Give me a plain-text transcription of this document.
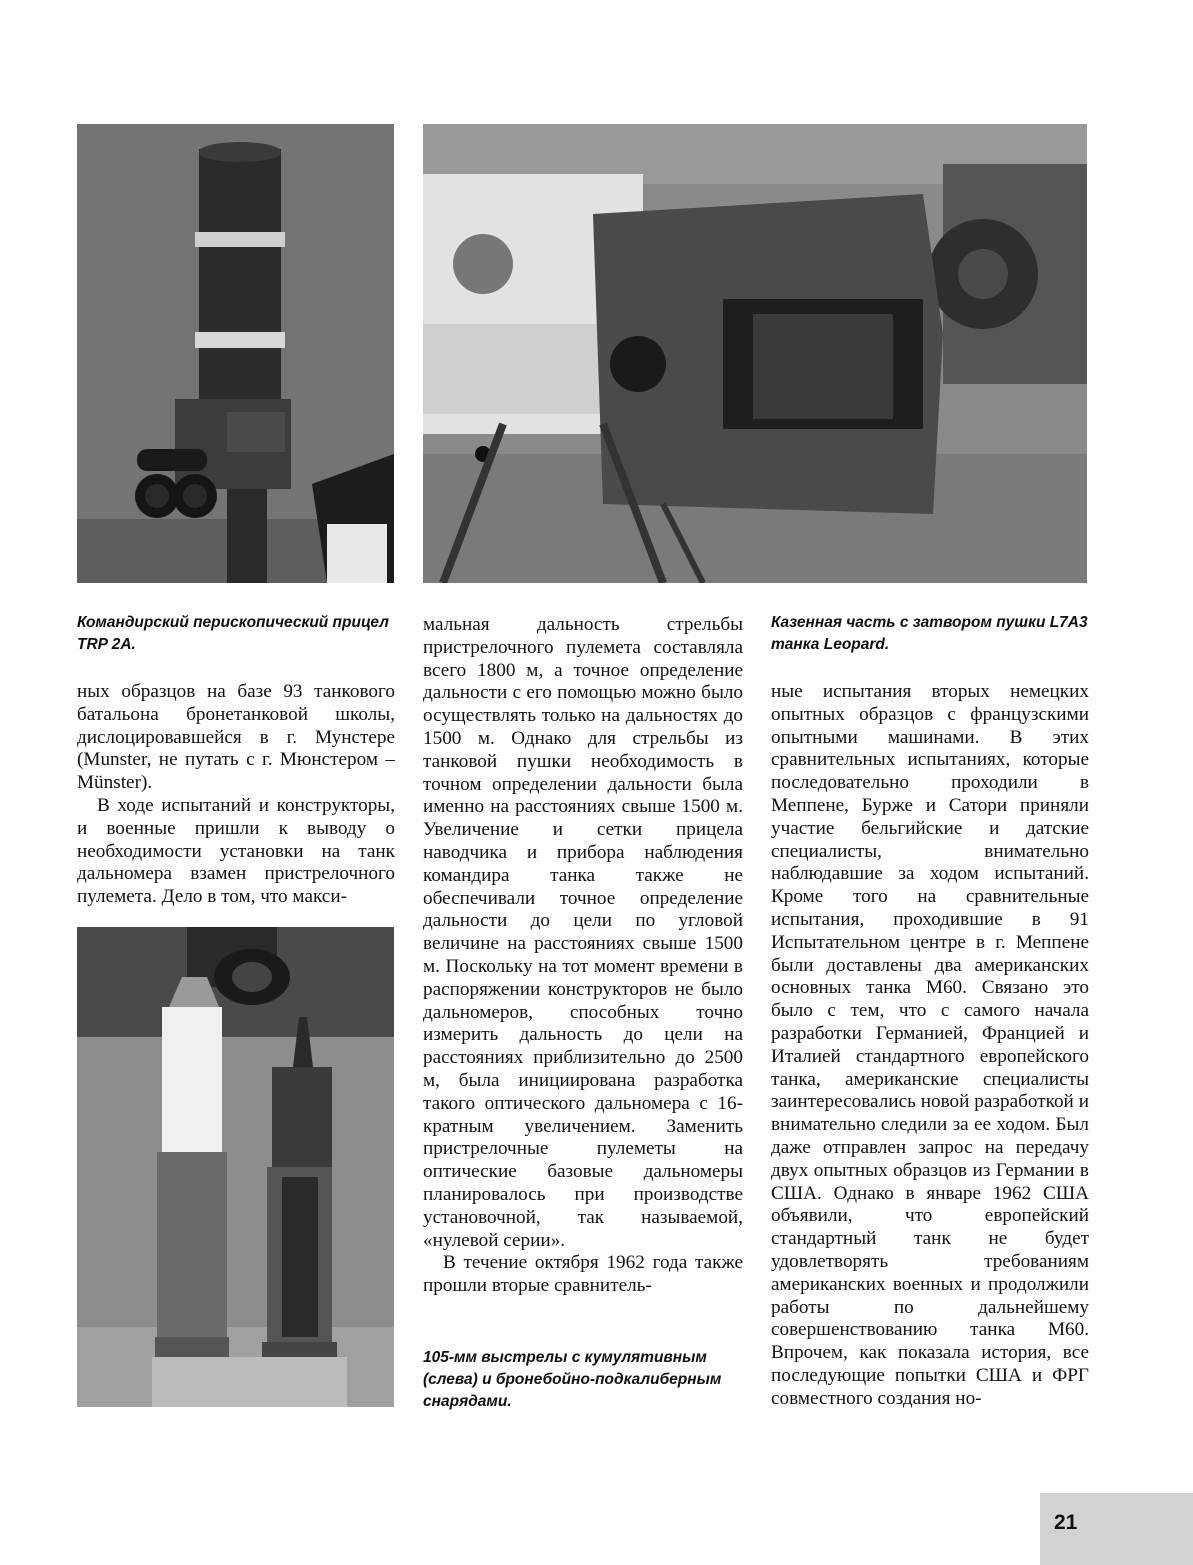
Командирский перископический прицел TRP 2A.
Казенная часть с затвором пушки L7A3 танка Leopard.
105-мм выстрелы с кумулятивным (слева) и бронебойно-подкалиберным снарядами.

ных образцов на базе 93 танкового батальона бронетанковой школы, дислоцировавшейся в г. Мунстере (Munster, не путать с г. Мюнстером – Münster).

В ходе испытаний и конструкторы, и военные пришли к выводу о необходимости установки на танк дальномера взамен пристрелочного пулемета. Дело в том, что макси-

мальная дальность стрельбы пристрелочного пулемета составляла всего 1800 м, а точное определение дальности с его помощью можно было осуществлять только на дальностях до 1500 м. Однако для стрельбы из танковой пушки необходимость в точном определении дальности была именно на расстояниях свыше 1500 м. Увеличение и сетки прицела наводчика и прибора наблюдения командира танка также не обеспечивали точное определение дальности до цели по угловой величине на расстояниях свыше 1500 м. Поскольку на тот момент времени в распоряжении конструкторов не было дальномеров, способных точно измерить дальность до цели на расстояниях приблизительно до 2500 м, была инициирована разработка такого оптического дальномера с 16-кратным увеличением. Заменить пристрелочные пулеметы на оптические базовые дальномеры планировалось при производстве установочной, так называемой, «нулевой серии».

В течение октября 1962 года также прошли вторые сравнитель-

ные испытания вторых немецких опытных образцов с французскими опытными машинами. В этих сравнительных испытаниях, которые последовательно проходили в Меппене, Бурже и Сатори приняли участие бельгийские и датские специалисты, внимательно наблюдавшие за ходом испытаний. Кроме того на сравнительные испытания, проходившие в 91 Испытательном центре в г. Меппене были доставлены два американских основных танка M60. Связано это было с тем, что с самого начала разработки Германией, Францией и Италией стандартного европейского танка, американские специалисты заинтересовались новой разработкой и внимательно следили за ее ходом. Был даже отправлен запрос на передачу двух опытных образцов из Германии в США. Однако в январе 1962 США объявили, что европейский стандартный танк не будет удовлетворять требованиям американских военных и продолжили работы по дальнейшему совершенствованию танка M60. Впрочем, как показала история, все последующие попытки США и ФРГ совместного создания но-

21
